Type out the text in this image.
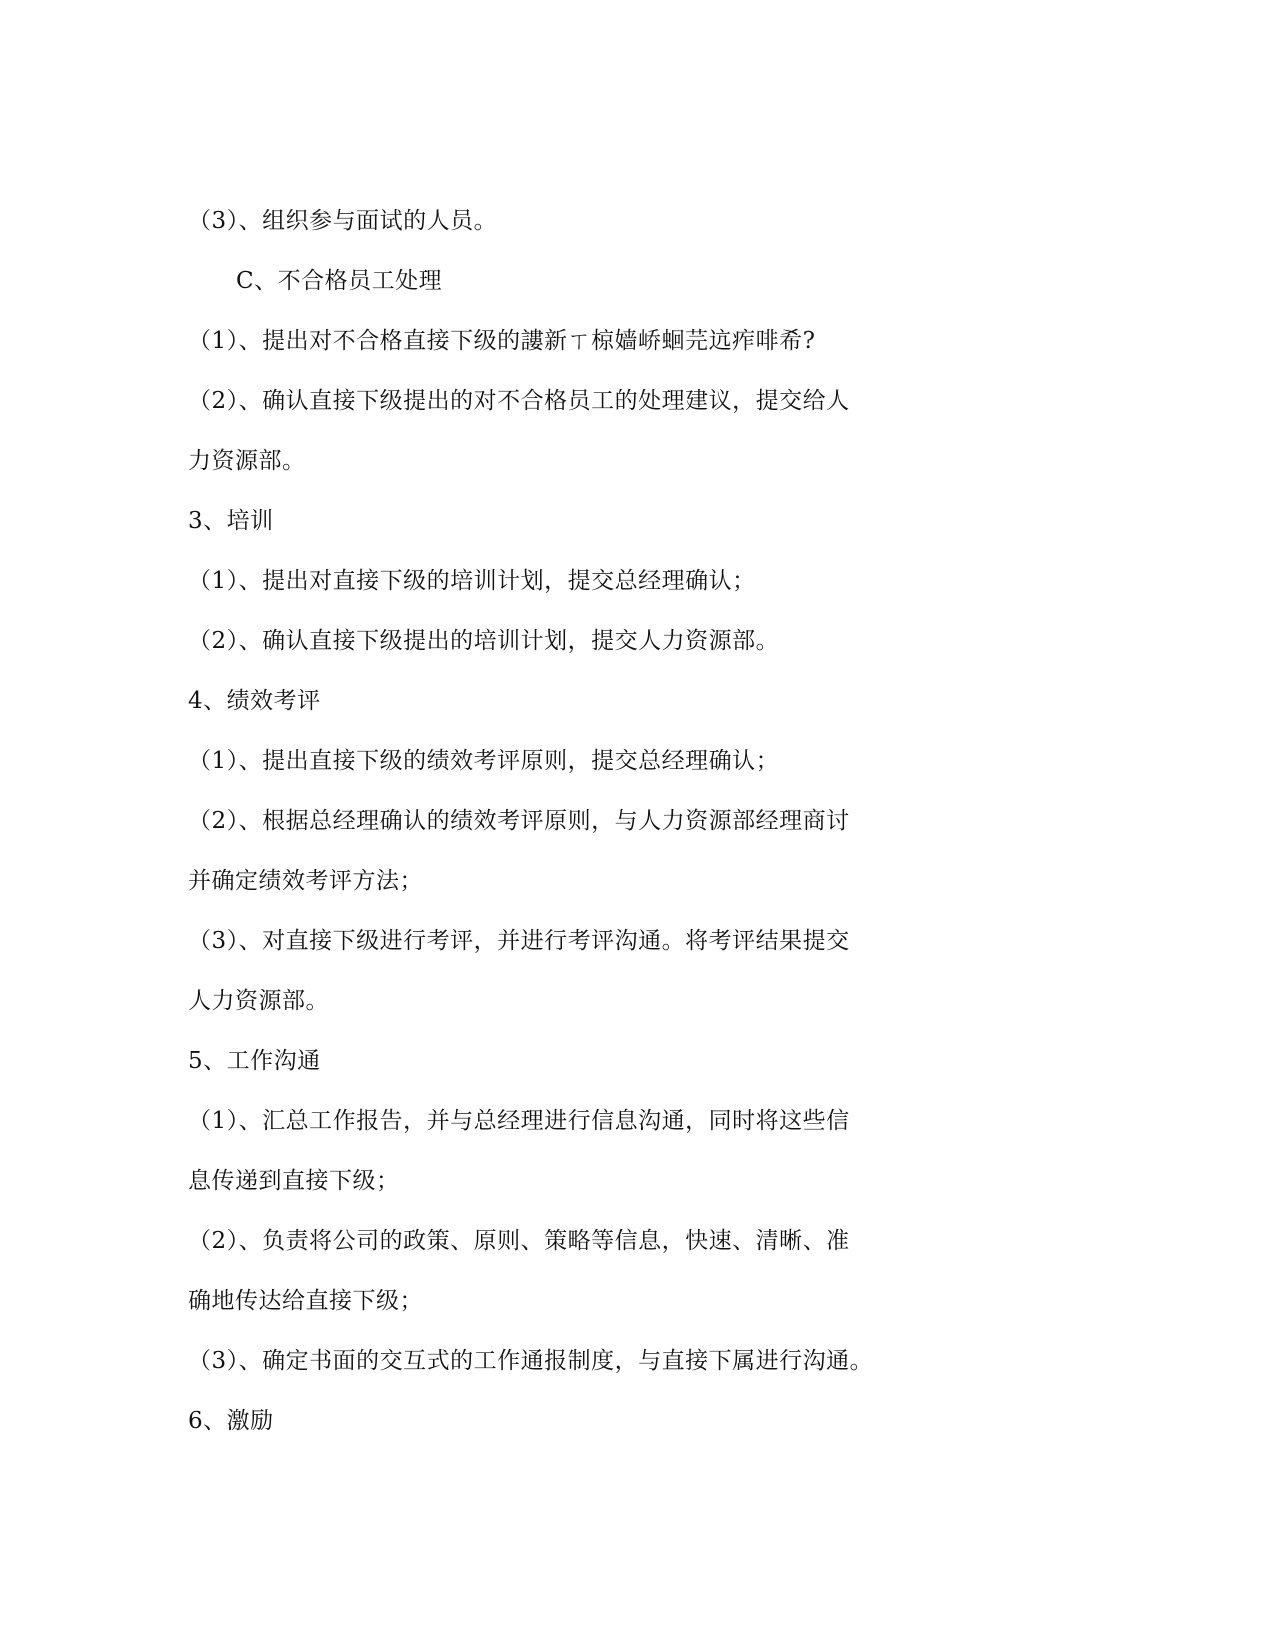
（3）、组织参与面试的人员。
C、不合格员工处理
（1）、提出对不合格直接下级的謱新ㄒ椋嫱峤蛔芫迒痄啡希?
（2）、确认直接下级提出的对不合格员工的处理建议，提交给人
力资源部。
3、培训
（1）、提出对直接下级的培训计划，提交总经理确认；
（2）、确认直接下级提出的培训计划，提交人力资源部。
4、绩效考评
（1）、提出直接下级的绩效考评原则，提交总经理确认；
（2）、根据总经理确认的绩效考评原则，与人力资源部经理商讨
并确定绩效考评方法；
（3）、对直接下级进行考评，并进行考评沟通。将考评结果提交
人力资源部。
5、工作沟通
（1）、汇总工作报告，并与总经理进行信息沟通，同时将这些信
息传递到直接下级；
（2）、负责将公司的政策、原则、策略等信息，快速、清晰、准
确地传达给直接下级；
（3）、确定书面的交互式的工作通报制度，与直接下属进行沟通。
6、激励
